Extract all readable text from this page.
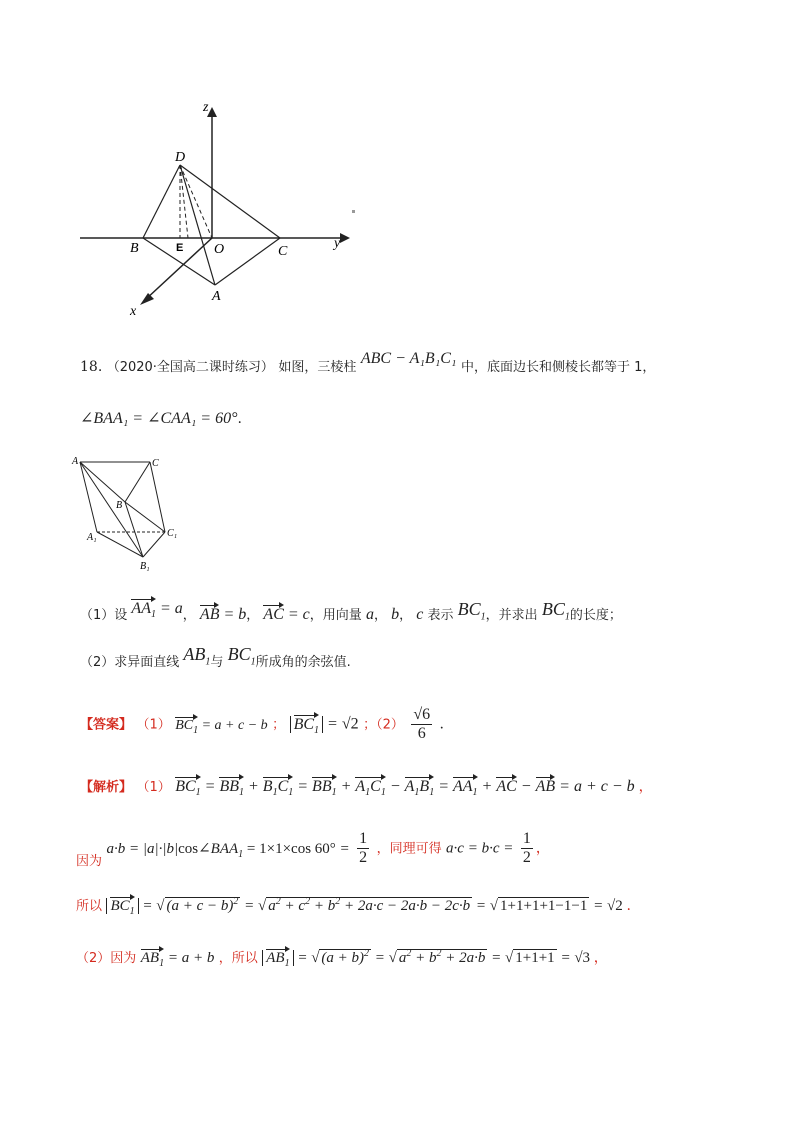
z
D
B	E O	C
y
A
x
18. （2020·全国高二课时练习） 如图，三棱柱 ABC − A₁B₁C₁ 中，底面边长和侧棱长都等于 1，
∠BAA₁ = ∠CAA₁ = 60°.
A	C
B
A₁	C₁
B₁
（1）设 $AA_1 = a$， AB = b， AC = c，用向量 a， b， c 表示 $BC_1$，并求出 $BC_1$的长度；
（2）求异面直线 $AB_1$与 $BC_1$所成角的余弦值.
【答案】 （1） $BC_1 = a + c - b$ ； $BC_1 = √2$ ；$(2) \frac{√6}{6}$ .
【解析】 （1） $BC_1 = BB_1 + B_1C_1 = BB_1 + A_1C_1 - A_1B_1 = AA_1$ + AC − AB = a + c − b ，
因为 $a\cdot b = |a|\cdot|b|\cos\angle BAA_1 = 1\times 1\times\cos$ $60^\circ = \frac{1}{2}$ ，同理可得 $a\cdot c = b\cdot c = \frac{1}{2}$ ，
所以 $BC_1$ = √ $(a + c - b)^2$ = √ $a^2 + c^2 + b^2 + 2a\cdot c - 2a\cdot b - 2c\cdot b$ = √ 1+1+1+1−1−1 = √2 .
（2）因为 $AB_1 = a + b$ ，所以 $AB_1$ = √ $(a + b)^2$ = √ $a^2 + b^2 + 2a\cdot b$ = √ 1+1+1 = √3 ，
